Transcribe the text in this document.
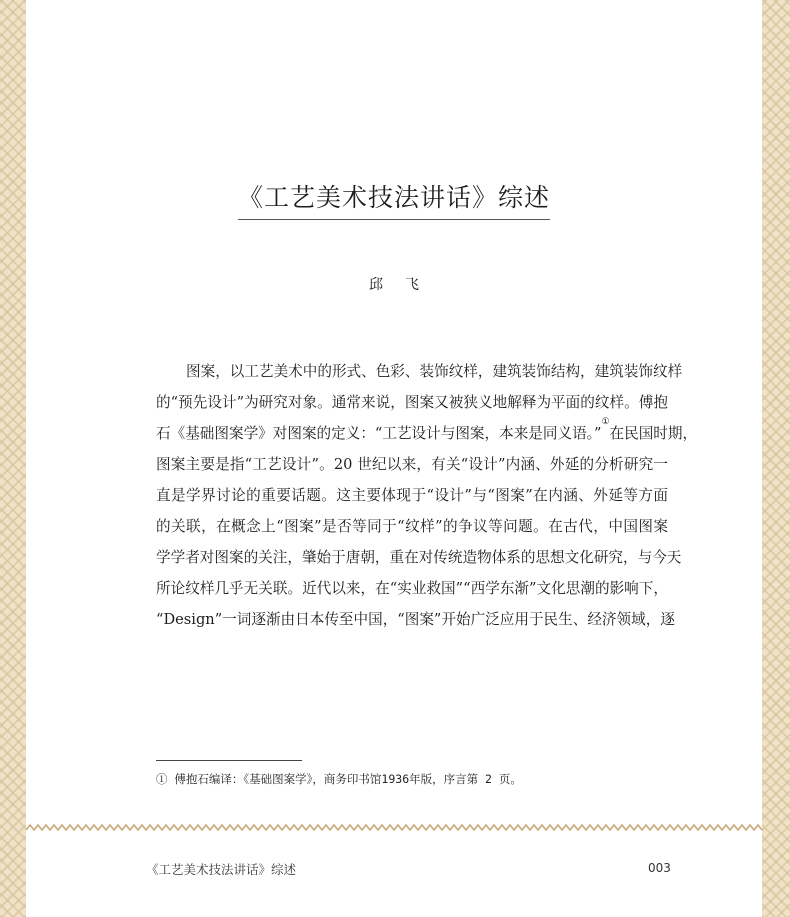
《工艺美术技法讲话》综述
邱飞
图案，以工艺美术中的形式、色彩、装饰纹样，建筑装饰结构，建筑装饰纹样
的“预先设计”为研究对象。通常来说，图案又被狭义地解释为平面的纹样。傅抱
石《基础图案学》对图案的定义：“工艺设计与图案，本来是同义语。”①在民国时期，
图案主要是指“工艺设计”。20 世纪以来，有关“设计”内涵、外延的分析研究一
直是学界讨论的重要话题。这主要体现于“设计”与“图案”在内涵、外延等方面
的关联，在概念上“图案”是否等同于“纹样”的争议等问题。在古代，中国图案
学学者对图案的关注，肇始于唐朝，重在对传统造物体系的思想文化研究，与今天
所论纹样几乎无关联。近代以来，在“实业救国”“西学东渐”文化思潮的影响下，
“Design”一词逐渐由日本传至中国，“图案”开始广泛应用于民生、经济领域，逐
① 傅抱石编译：《基础图案学》，商务印书馆1936年版，序言第 2 页。
《工艺美术技法讲话》综述	003
